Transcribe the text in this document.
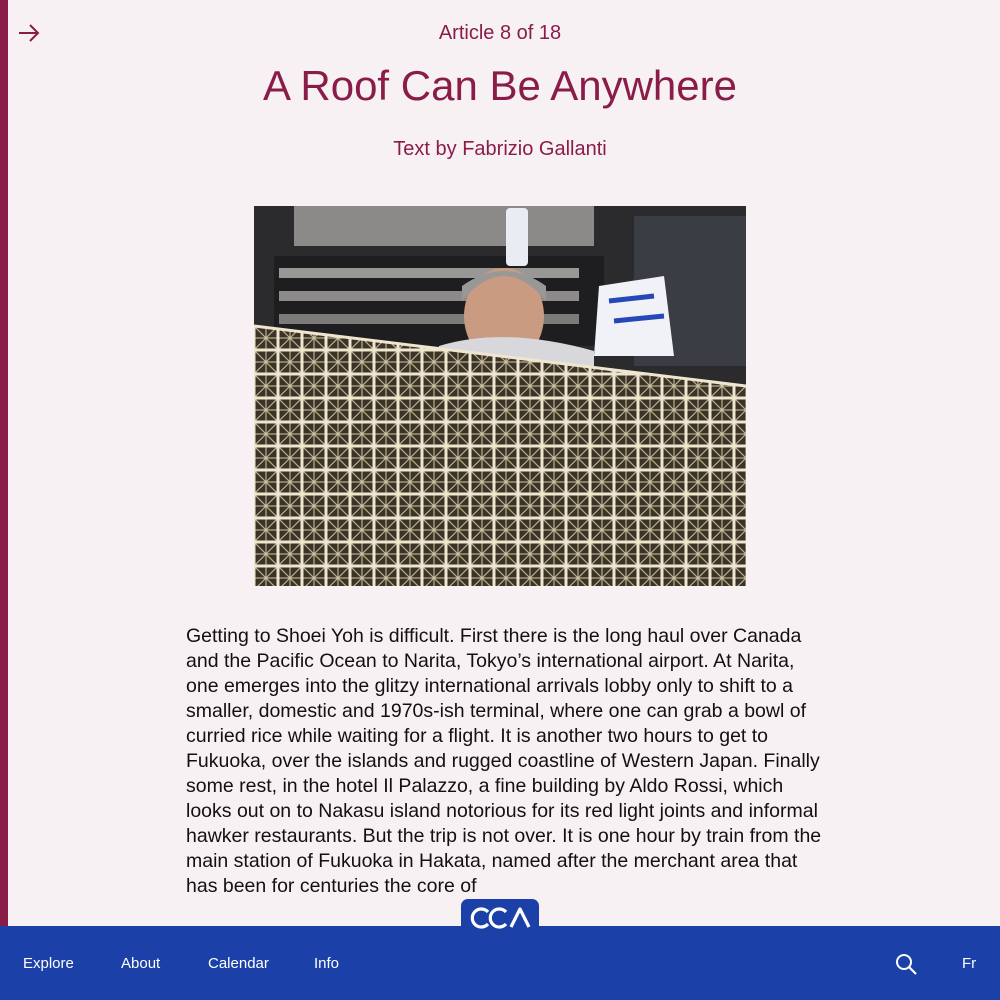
Article 8 of 18
A Roof Can Be Anywhere
Text by Fabrizio Gallanti

Getting to Shoei Yoh is difficult. First there is the long haul over Canada and the Pacific Ocean to Narita, Tokyo’s international airport. At Narita, one emerges into the glitzy international arrivals lobby only to shift to a smaller, domestic and 1970s-ish terminal, where one can grab a bowl of curried rice while waiting for a flight. It is another two hours to get to Fukuoka, over the islands and rugged coastline of Western Japan. Finally some rest, in the hotel Il Palazzo, a fine building by Aldo Rossi, which looks out on to Nakasu island notorious for its red light joints and informal hawker restaurants. But the trip is not over. It is one hour by train from the main station of Fukuoka in Hakata, named after the merchant area that has been for centuries the core of

Explore	About	Calendar	Info	Fr
